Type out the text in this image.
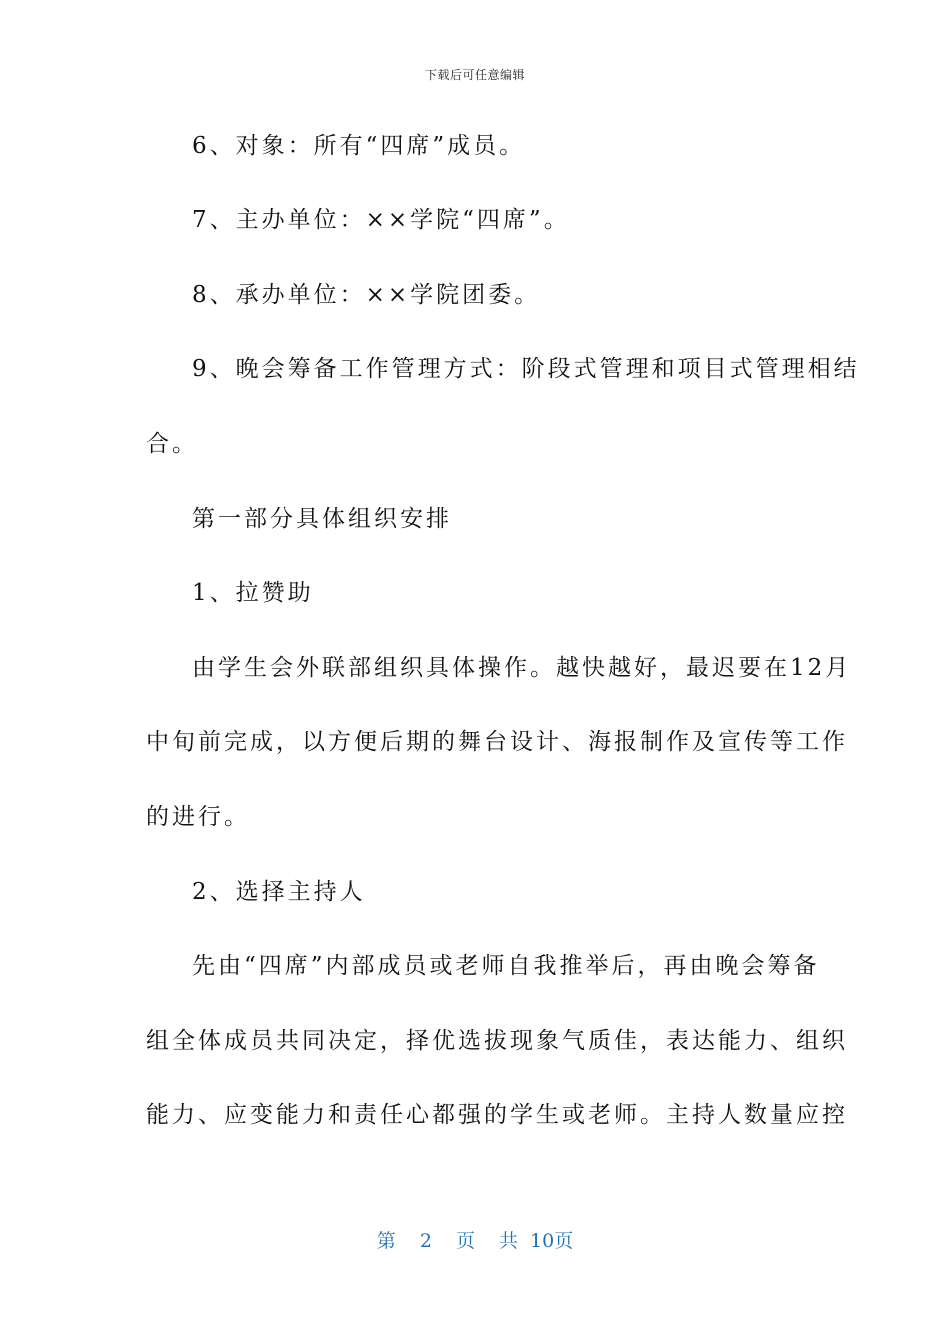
下载后可任意编辑
6、对象：所有“四席”成员。
7、主办单位：××学院“四席”。
8、承办单位：××学院团委。
9、晚会筹备工作管理方式：阶段式管理和项目式管理相结
合。
第一部分具体组织安排
1、拉赞助
由学生会外联部组织具体操作。越快越好，最迟要在12月
中旬前完成，以方便后期的舞台设计、海报制作及宣传等工作
的进行。
2、选择主持人
先由“四席”内部成员或老师自我推举后，再由晚会筹备
组全体成员共同决定，择优选拔现象气质佳，表达能力、组织
能力、应变能力和责任心都强的学生或老师。主持人数量应控
第 2 页 共 10页
